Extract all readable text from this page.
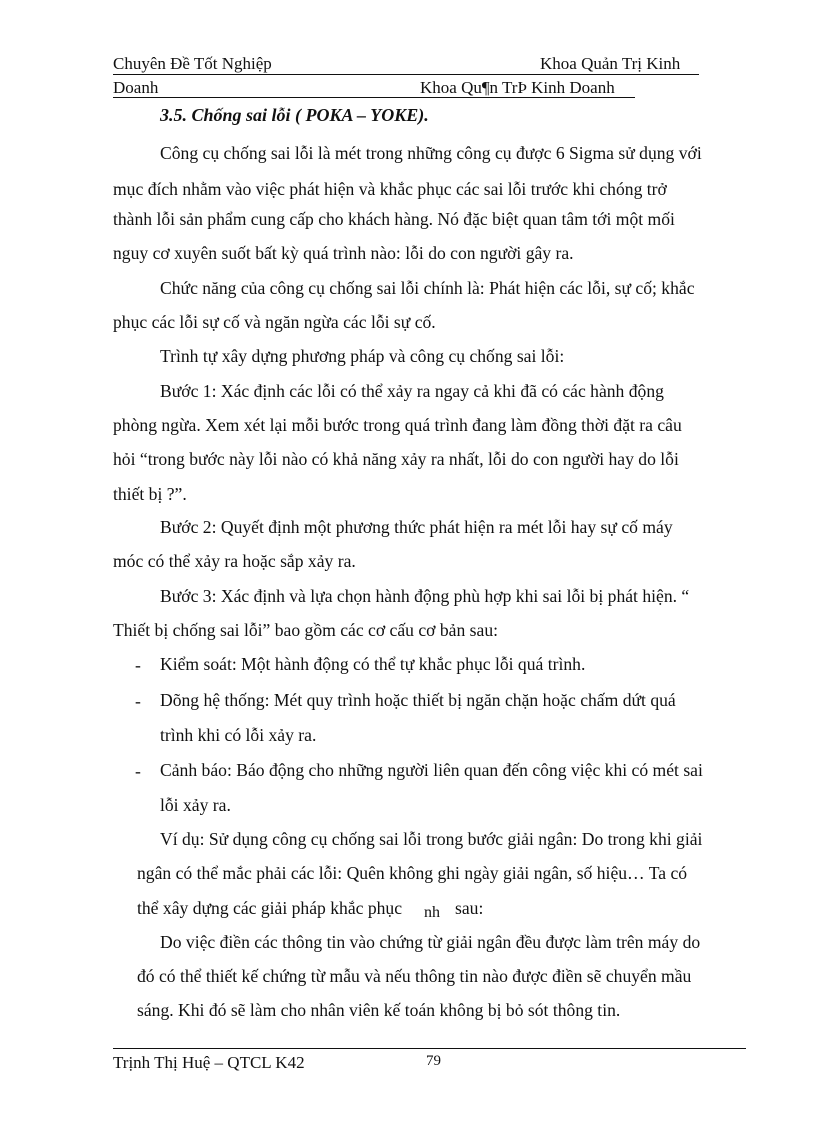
Chuyên Đề Tốt Nghiệp	Khoa Quản Trị Kinh
Doanh	Khoa Qu¶n TrÞ Kinh Doanh
3.5. Chống sai lỗi ( POKA – YOKE).
Công cụ chống sai lỗi là mét trong những công cụ được 6 Sigma sử dụng với
mục đích nhằm vào việc phát hiện và khắc phục các sai lỗi trước khi chóng trở
thành lỗi sản phẩm cung cấp cho khách hàng. Nó đặc biệt quan tâm tới một mối
nguy cơ xuyên suốt bất kỳ quá trình nào: lỗi do con người gây ra.
Chức năng của công cụ chống sai lỗi chính là: Phát hiện các lỗi, sự cố; khắc
phục các lỗi sự cố và ngăn ngừa các lỗi sự cố.
Trình tự xây dựng phương pháp và công cụ chống sai lỗi:
Bước 1: Xác định các lỗi có thể xảy ra ngay cả khi đã có các hành động
phòng ngừa. Xem xét lại mỗi bước trong quá trình đang làm đồng thời đặt ra câu
hỏi “trong bước này lỗi nào có khả năng xảy ra nhất, lỗi do con người hay do lỗi
thiết bị ?”.
Bước 2: Quyết định một phương thức phát hiện ra mét lỗi hay sự cố máy
móc có thể xảy ra hoặc sắp xảy ra.
Bước 3: Xác định và lựa chọn hành động phù hợp khi sai lỗi bị phát hiện. “
Thiết bị chống sai lỗi” bao gồm các cơ cấu cơ bản sau:
- Kiểm soát: Một hành động có thể tự khắc phục lỗi quá trình.
- Dõng hệ thống: Mét quy trình hoặc thiết bị ngăn chặn hoặc chấm dứt quá
trình khi có lỗi xảy ra.
- Cảnh báo: Báo động cho những người liên quan đến công việc khi có mét sai
lỗi xảy ra.
Ví dụ: Sử dụng công cụ chống sai lỗi trong bước giải ngân: Do trong khi giải
ngân có thể mắc phải các lỗi: Quên không ghi ngày giải ngân, số hiệu… Ta có
thể xây dựng các giải pháp khắc phục nh sau:
Do việc điền các thông tin vào chứng từ giải ngân đều được làm trên máy do
đó có thể thiết kế chứng từ mẫu và nếu thông tin nào được điền sẽ chuyển mầu
sáng. Khi đó sẽ làm cho nhân viên kế toán không bị bỏ sót thông tin.
Trịnh Thị Huệ – QTCL K42	79
